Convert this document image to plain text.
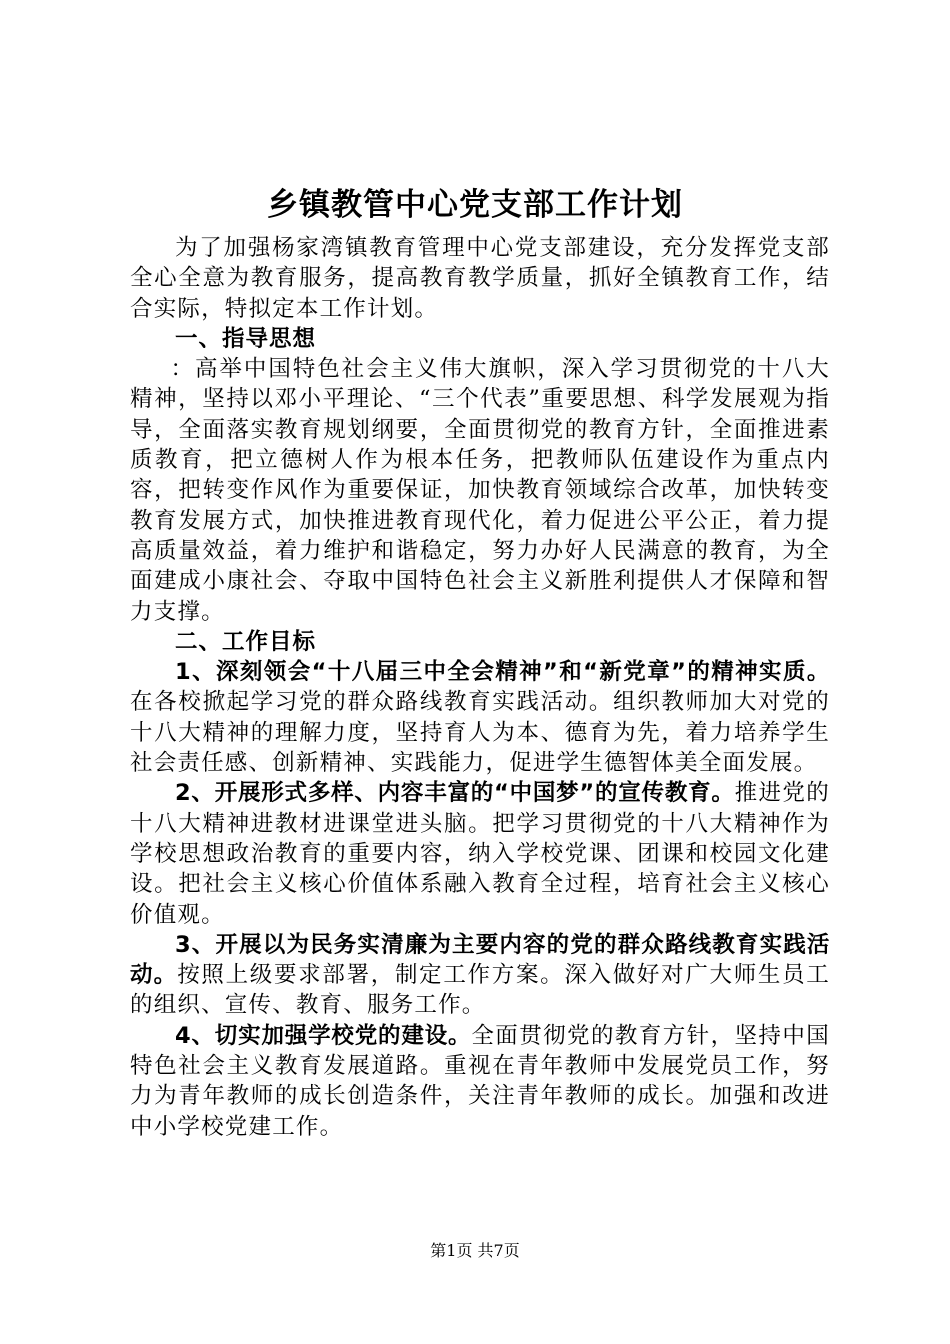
乡镇教管中心党支部工作计划

为了加强杨家湾镇教育管理中心党支部建设，充分发挥党支部全心全意为教育服务，提高教育教学质量，抓好全镇教育工作，结合实际，特拟定本工作计划。

一、指导思想

：高举中国特色社会主义伟大旗帜，深入学习贯彻党的十八大精神，坚持以邓小平理论、“三个代表”重要思想、科学发展观为指导，全面落实教育规划纲要，全面贯彻党的教育方针，全面推进素质教育，把立德树人作为根本任务，把教师队伍建设作为重点内容，把转变作风作为重要保证，加快教育领域综合改革，加快转变教育发展方式，加快推进教育现代化，着力促进公平公正，着力提高质量效益，着力维护和谐稳定，努力办好人民满意的教育，为全面建成小康社会、夺取中国特色社会主义新胜利提供人才保障和智力支撑。

二、工作目标

1、深刻领会“十八届三中全会精神”和“新党章”的精神实质。在各校掀起学习党的群众路线教育实践活动。组织教师加大对党的十八大精神的理解力度，坚持育人为本、德育为先，着力培养学生社会责任感、创新精神、实践能力，促进学生德智体美全面发展。

2、开展形式多样、内容丰富的“中国梦”的宣传教育。推进党的十八大精神进教材进课堂进头脑。把学习贯彻党的十八大精神作为学校思想政治教育的重要内容，纳入学校党课、团课和校园文化建设。把社会主义核心价值体系融入教育全过程，培育社会主义核心价值观。

3、开展以为民务实清廉为主要内容的党的群众路线教育实践活动。按照上级要求部署，制定工作方案。深入做好对广大师生员工的组织、宣传、教育、服务工作。

4、切实加强学校党的建设。全面贯彻党的教育方针，坚持中国特色社会主义教育发展道路。重视在青年教师中发展党员工作，努力为青年教师的成长创造条件，关注青年教师的成长。加强和改进中小学校党建工作。

第1页 共7页
